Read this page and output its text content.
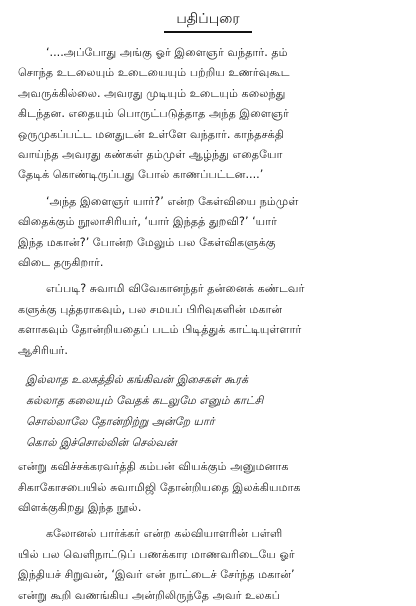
பதிப்புரை
‘....அப்போது அங்கு ஓர் இளைஞர் வந்தார். தம்
சொந்த உடலையும் உடையையும் பற்றிய உணர்வுகூட
அவருக்கில்லை. அவரது முடியும் உடையும் கலைந்து
கிடந்தன. எதையும் பொருட்படுத்தாத அந்த இளைஞர்
ஒருமுகப்பட்ட மனதுடன் உள்ளே வந்தார். காந்தசக்தி
வாய்ந்த அவரது கண்கள் தம்முள் ஆழ்ந்து எதையோ
தேடிக் கொண்டிருப்பது போல் காணப்பட்டன....’
‘அந்த இளைஞர் யார்?’ என்ற கேள்வியை நம்முள்
விதைக்கும் நூலாசிரியர், ‘யார் இந்தத் துறவி?’ ‘யார்
இந்த மகான்?’ போன்ற மேலும் பல கேள்விகளுக்கு
விடை தருகிறார்.
எப்படி? சுவாமி விவேகானந்தர் தன்னைக் கண்டவர்
களுக்கு புத்தராகவும், பல சமயப் பிரிவுகளின் மகான்
களாகவும் தோன்றியதைப் படம் பிடித்துக் காட்டியுள்ளார்
ஆசிரியர்.
இல்லாத உலகத்தில் கங்கிவன் இசைகள் கூரக்
கல்லாத கலையும் வேதக் கடலுமே எனும் காட்சி
சொல்லாலே தோன்றிற்று அன்றே யார்
கொல் இச்சொல்லின் செல்வன்
என்று கவிச்சக்கரவர்த்தி கம்பன் வியக்கும் அனுமனாக
சிகாகோசபையில் சுவாமிஜி தோன்றியதை இலக்கியமாக
விளக்குகிறது இந்த நூல்.
கலோனல் பார்க்கர் என்ற கல்வியாளரின் பள்ளி
யில் பல வெளிநாட்டுப் பணக்கார மாணவரிடையே ஓர்
இந்தியச் சிறுவன், ‘இவர் என் நாட்டைச் சேர்ந்த மகான்’
என்று கூறி வணங்கிய அன்றிலிருந்தே அவர் உலகப்
